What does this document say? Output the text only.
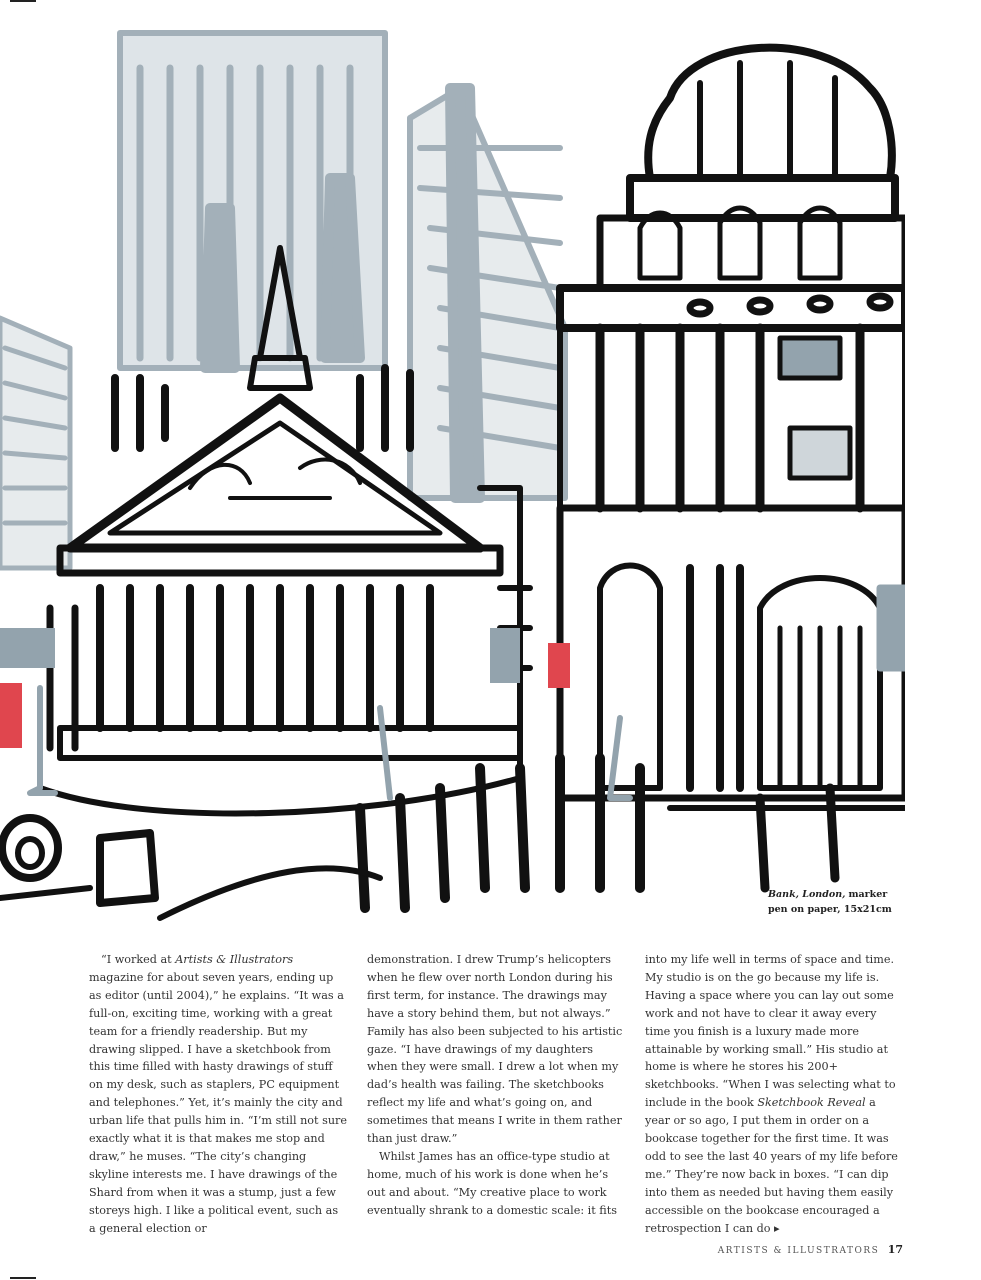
Bank, London, marker pen on paper, 15x21cm

“I worked at Artists & Illustrators magazine for about seven years, ending up as editor (until 2004),” he explains. “It was a full-on, exciting time, working with a great team for a friendly readership. But my drawing slipped. I have a sketchbook from this time filled with hasty drawings of stuff on my desk, such as staplers, PC equipment and telephones.” Yet, it’s mainly the city and urban life that pulls him in. “I’m still not sure exactly what it is that makes me stop and draw,” he muses. “The city’s changing skyline interests me. I have drawings of the Shard from when it was a stump, just a few storeys high. I like a political event, such as a general election or

demonstration. I drew Trump’s helicopters when he flew over north London during his first term, for instance. The drawings may have a story behind them, but not always.” Family has also been subjected to his artistic gaze. “I have drawings of my daughters when they were small. I drew a lot when my dad’s health was failing. The sketchbooks reflect my life and what’s going on, and sometimes that means I write in them rather than just draw.”

Whilst James has an office-type studio at home, much of his work is done when he’s out and about. “My creative place to work eventually shrank to a domestic scale: it fits

into my life well in terms of space and time. My studio is on the go because my life is. Having a space where you can lay out some work and not have to clear it away every time you finish is a luxury made more attainable by working small.” His studio at home is where he stores his 200+ sketchbooks. “When I was selecting what to include in the book Sketchbook Reveal a year or so ago, I put them in order on a bookcase together for the first time. It was odd to see the last 40 years of my life before me.” They’re now back in boxes. “I can dip into them as needed but having them easily accessible on the bookcase encouraged a retrospection I can do ▸

ARTISTS & ILLUSTRATORS 17
